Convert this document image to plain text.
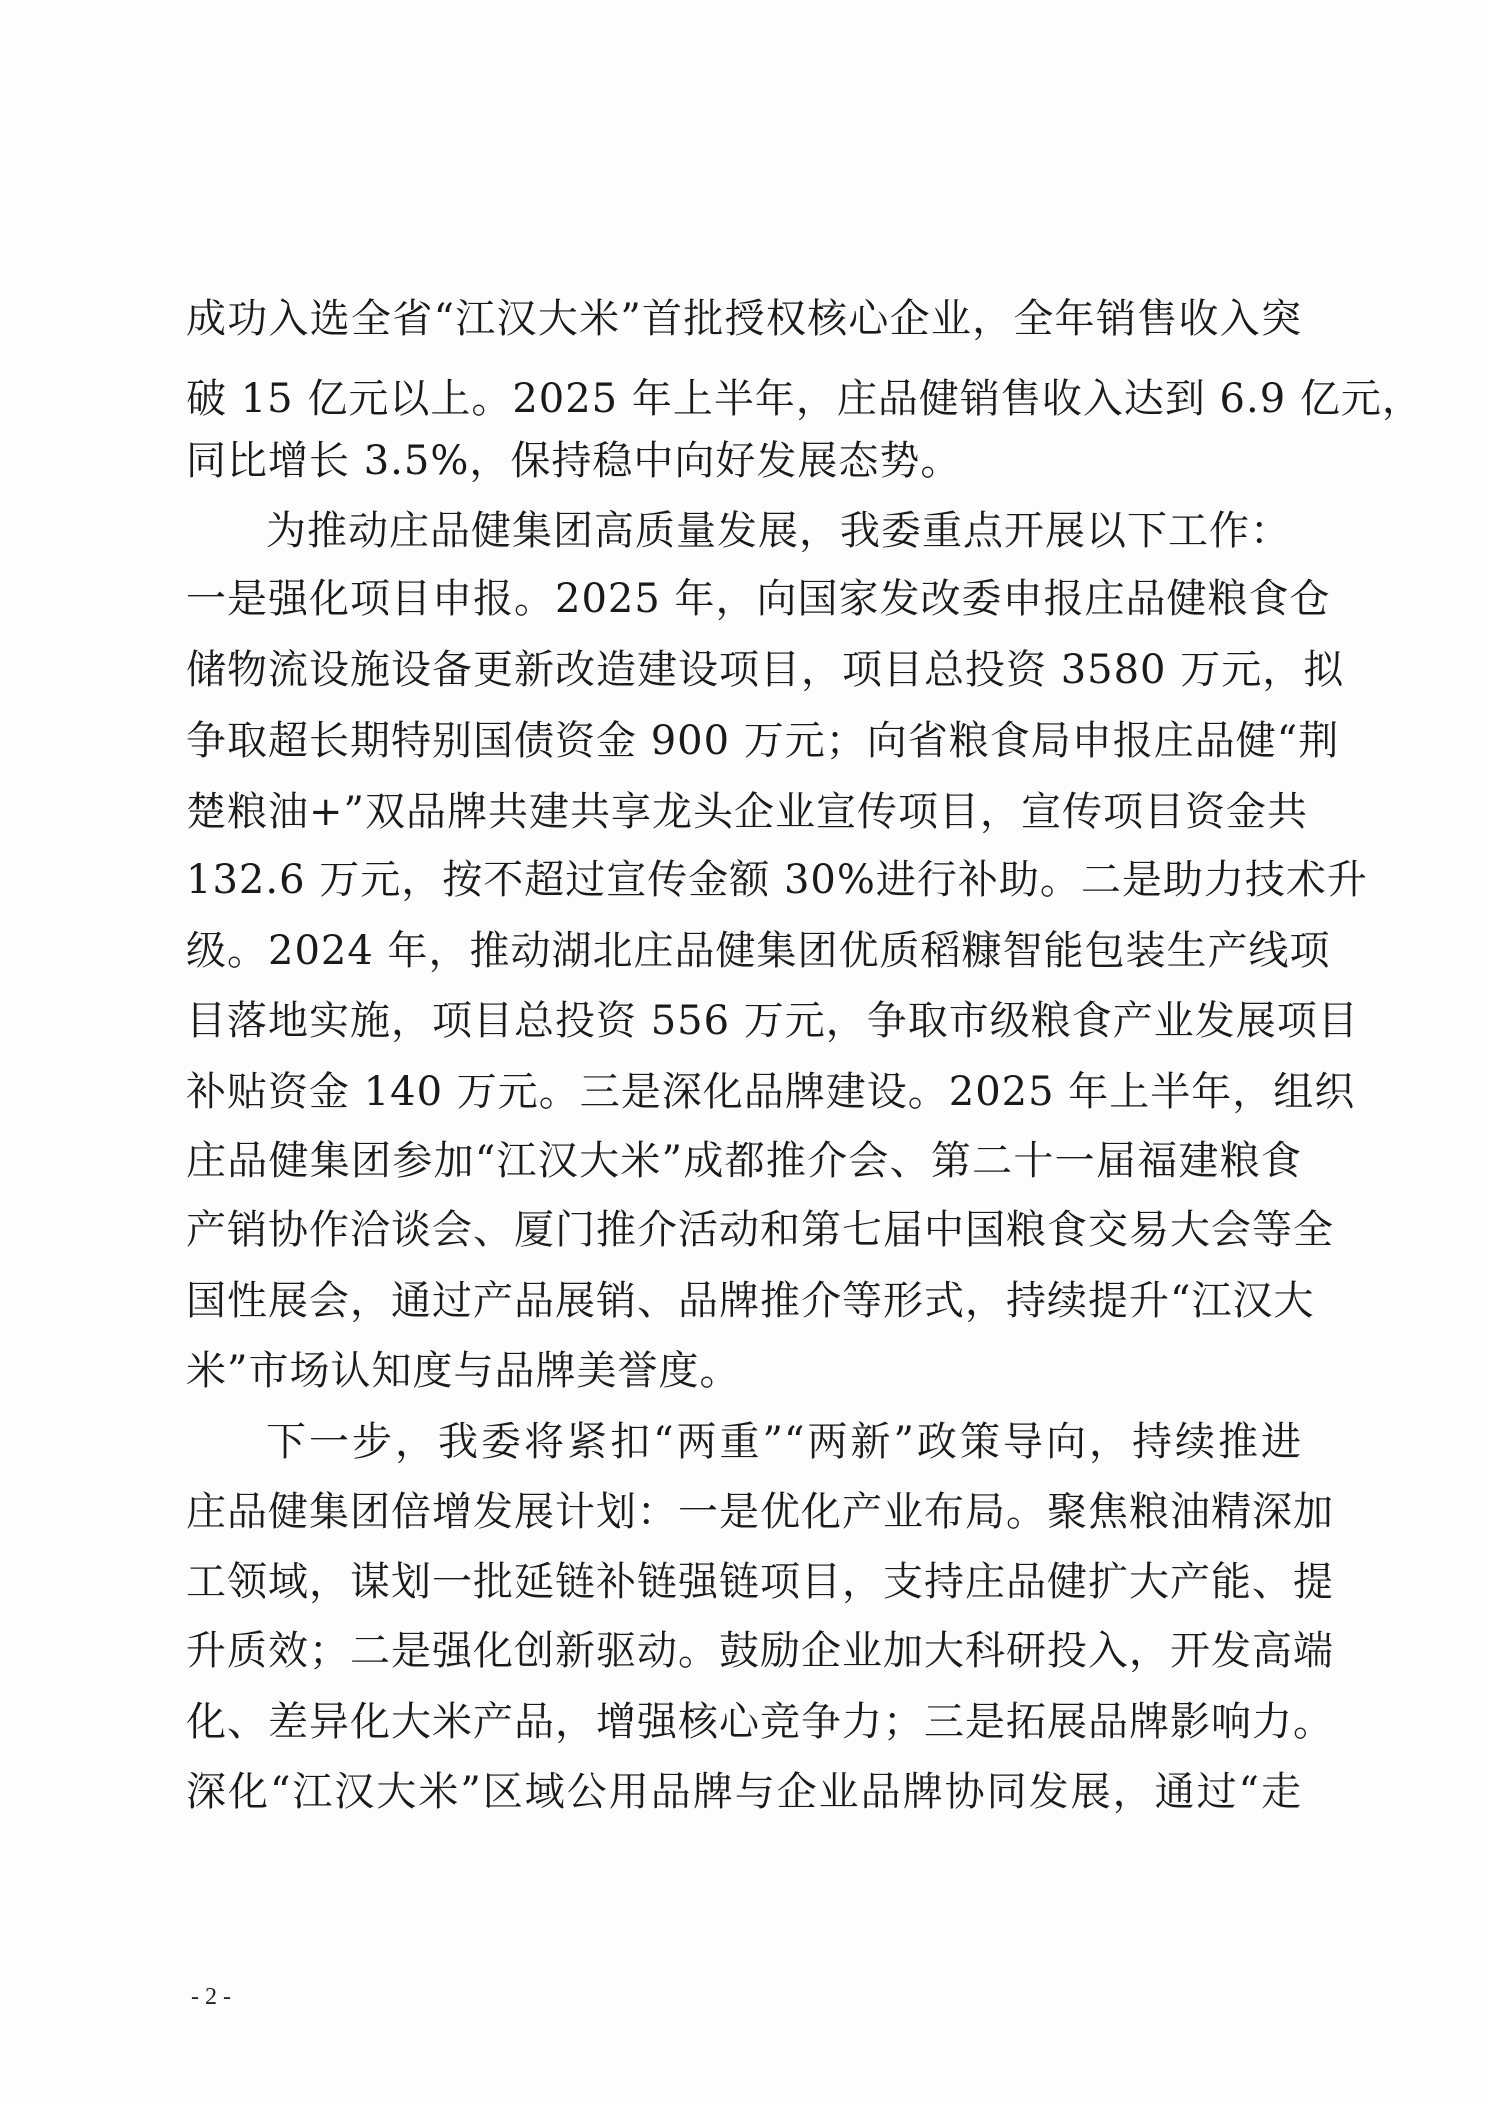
成功入选全省“江汉大米”首批授权核心企业，全年销售收入突
破 15 亿元以上。2025 年上半年，庄品健销售收入达到 6.9 亿元，
同比增长 3.5%，保持稳中向好发展态势。
为推动庄品健集团高质量发展，我委重点开展以下工作：
一是强化项目申报。2025 年，向国家发改委申报庄品健粮食仓
储物流设施设备更新改造建设项目，项目总投资 3580 万元，拟
争取超长期特别国债资金 900 万元；向省粮食局申报庄品健“荆
楚粮油+”双品牌共建共享龙头企业宣传项目，宣传项目资金共
132.6 万元，按不超过宣传金额 30%进行补助。二是助力技术升
级。2024 年，推动湖北庄品健集团优质稻糠智能包装生产线项
目落地实施，项目总投资 556 万元，争取市级粮食产业发展项目
补贴资金 140 万元。三是深化品牌建设。2025 年上半年，组织
庄品健集团参加“江汉大米”成都推介会、第二十一届福建粮食
产销协作洽谈会、厦门推介活动和第七届中国粮食交易大会等全
国性展会，通过产品展销、品牌推介等形式，持续提升“江汉大
米”市场认知度与品牌美誉度。
下一步，我委将紧扣“两重”“两新”政策导向，持续推进
庄品健集团倍增发展计划：一是优化产业布局。聚焦粮油精深加
工领域，谋划一批延链补链强链项目，支持庄品健扩大产能、提
升质效；二是强化创新驱动。鼓励企业加大科研投入，开发高端
化、差异化大米产品，增强核心竞争力；三是拓展品牌影响力。
深化“江汉大米”区域公用品牌与企业品牌协同发展，通过“走
- 2 -
